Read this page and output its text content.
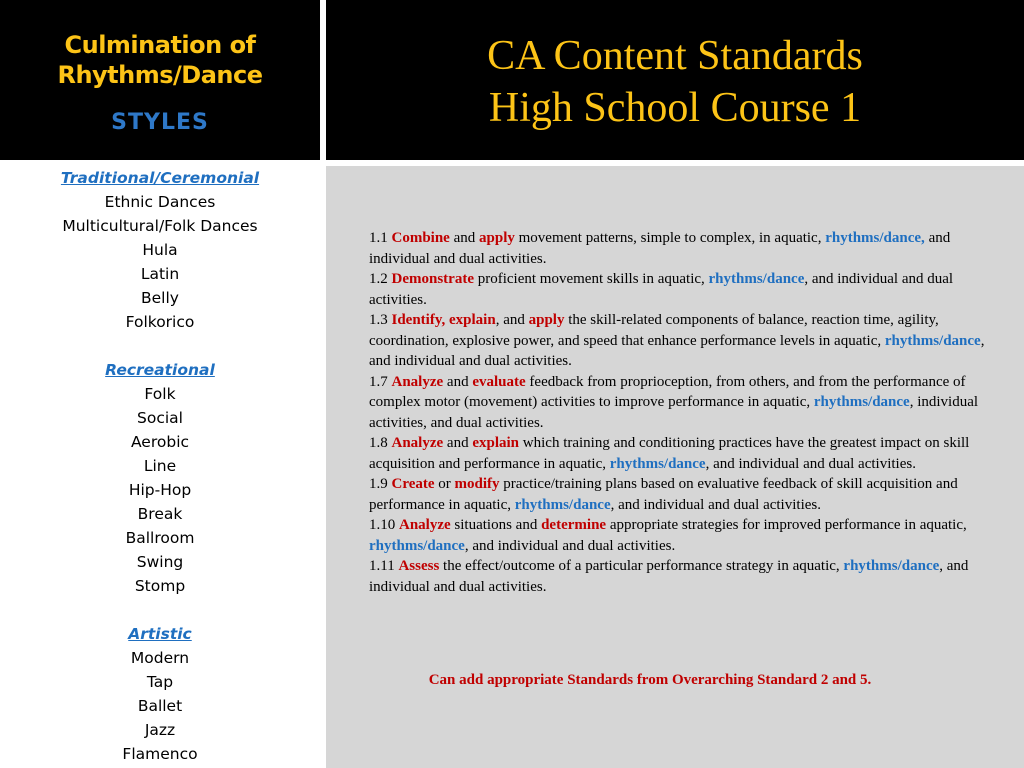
Culmination of
Rhythms/Dance
STYLES
CA Content Standards
High School Course 1
Traditional/Ceremonial
Ethnic Dances
Multicultural/Folk Dances
Hula
Latin
Belly
Folkorico
Recreational
Folk
Social
Aerobic
Line
Hip-Hop
Break
Ballroom
Swing
Stomp
Artistic
Modern
Tap
Ballet
Jazz
Flamenco
1.1 Combine and apply movement patterns, simple to complex, in aquatic, rhythms/dance, and individual and dual activities.
1.2 Demonstrate proficient movement skills in aquatic, rhythms/dance, and individual and dual activities.
1.3 Identify, explain, and apply the skill-related components of balance, reaction time, agility, coordination, explosive power, and speed that enhance performance levels in aquatic, rhythms/dance, and individual and dual activities.
1.7 Analyze and evaluate feedback from proprioception, from others, and from the performance of complex motor (movement) activities to improve performance in aquatic, rhythms/dance, individual activities, and dual activities.
1.8 Analyze and explain which training and conditioning practices have the greatest impact on skill acquisition and performance in aquatic, rhythms/dance, and individual and dual activities.
1.9 Create or modify practice/training plans based on evaluative feedback of skill acquisition and performance in aquatic, rhythms/dance, and individual and dual activities.
1.10 Analyze situations and determine appropriate strategies for improved performance in aquatic, rhythms/dance, and individual and dual activities.
1.11 Assess the effect/outcome of a particular performance strategy in aquatic, rhythms/dance, and individual and dual activities.
Can add appropriate Standards from Overarching Standard 2 and 5.
